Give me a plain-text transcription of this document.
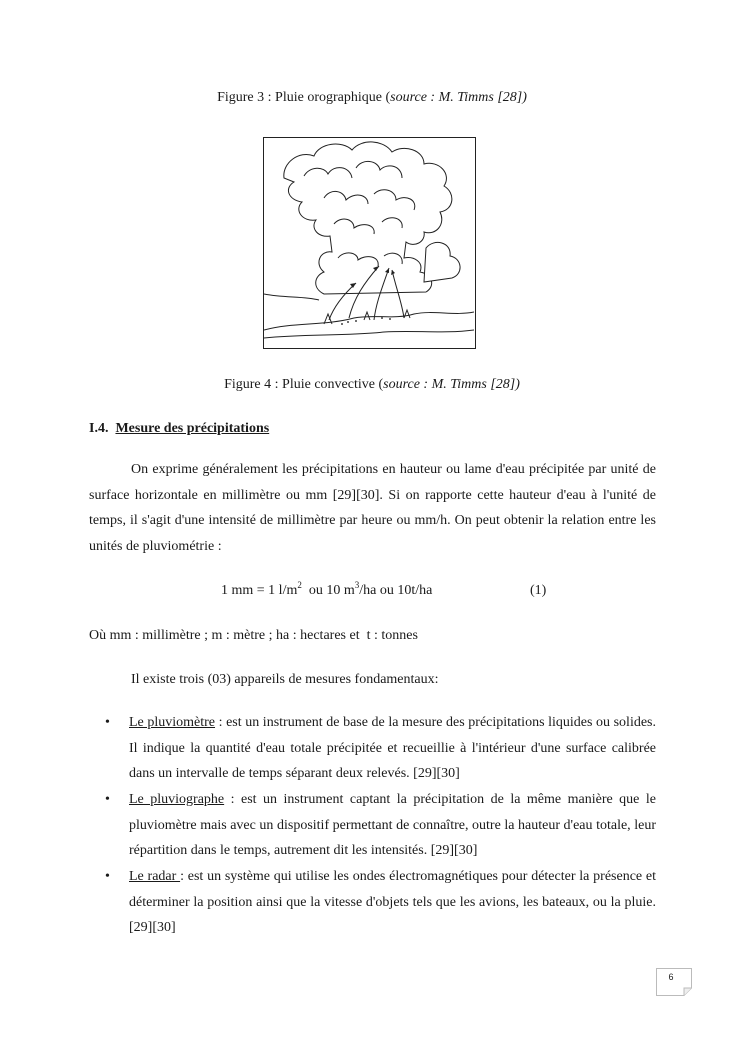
Figure 3 : Pluie orographique (source : M. Timms [28])
Figure 4 : Pluie convective (source : M. Timms [28])
I.4. Mesure des précipitations
On exprime généralement les précipitations en hauteur ou lame d'eau précipitée par unité de surface horizontale en millimètre ou mm [29][30]. Si on rapporte cette hauteur d'eau à l'unité de temps, il s'agit d'une intensité de millimètre par heure ou mm/h. On peut obtenir la relation entre les unités de pluviométrie :
1 mm = 1 $l/m^2$  ou 10 $m^3/ha$ ou 10t/ha	(1)
Où mm : millimètre ; m : mètre ; ha : hectares et  t : tonnes
Il existe trois (03) appareils de mesures fondamentaux:
• Le pluviomètre : est un instrument de base de la mesure des précipitations liquides ou solides. Il indique la quantité d'eau totale précipitée et recueillie à l'intérieur d'une surface calibrée dans un intervalle de temps séparant deux relevés. [29][30]
• Le pluviographe : est un instrument captant la précipitation de la même manière que le pluviomètre mais avec un dispositif permettant de connaître, outre la hauteur d'eau totale, leur répartition dans le temps, autrement dit les intensités. [29][30]
• Le radar : est un système qui utilise les ondes électromagnétiques pour détecter la présence et déterminer la position ainsi que la vitesse d'objets tels que les avions, les bateaux, ou la pluie. [29][30]
6
